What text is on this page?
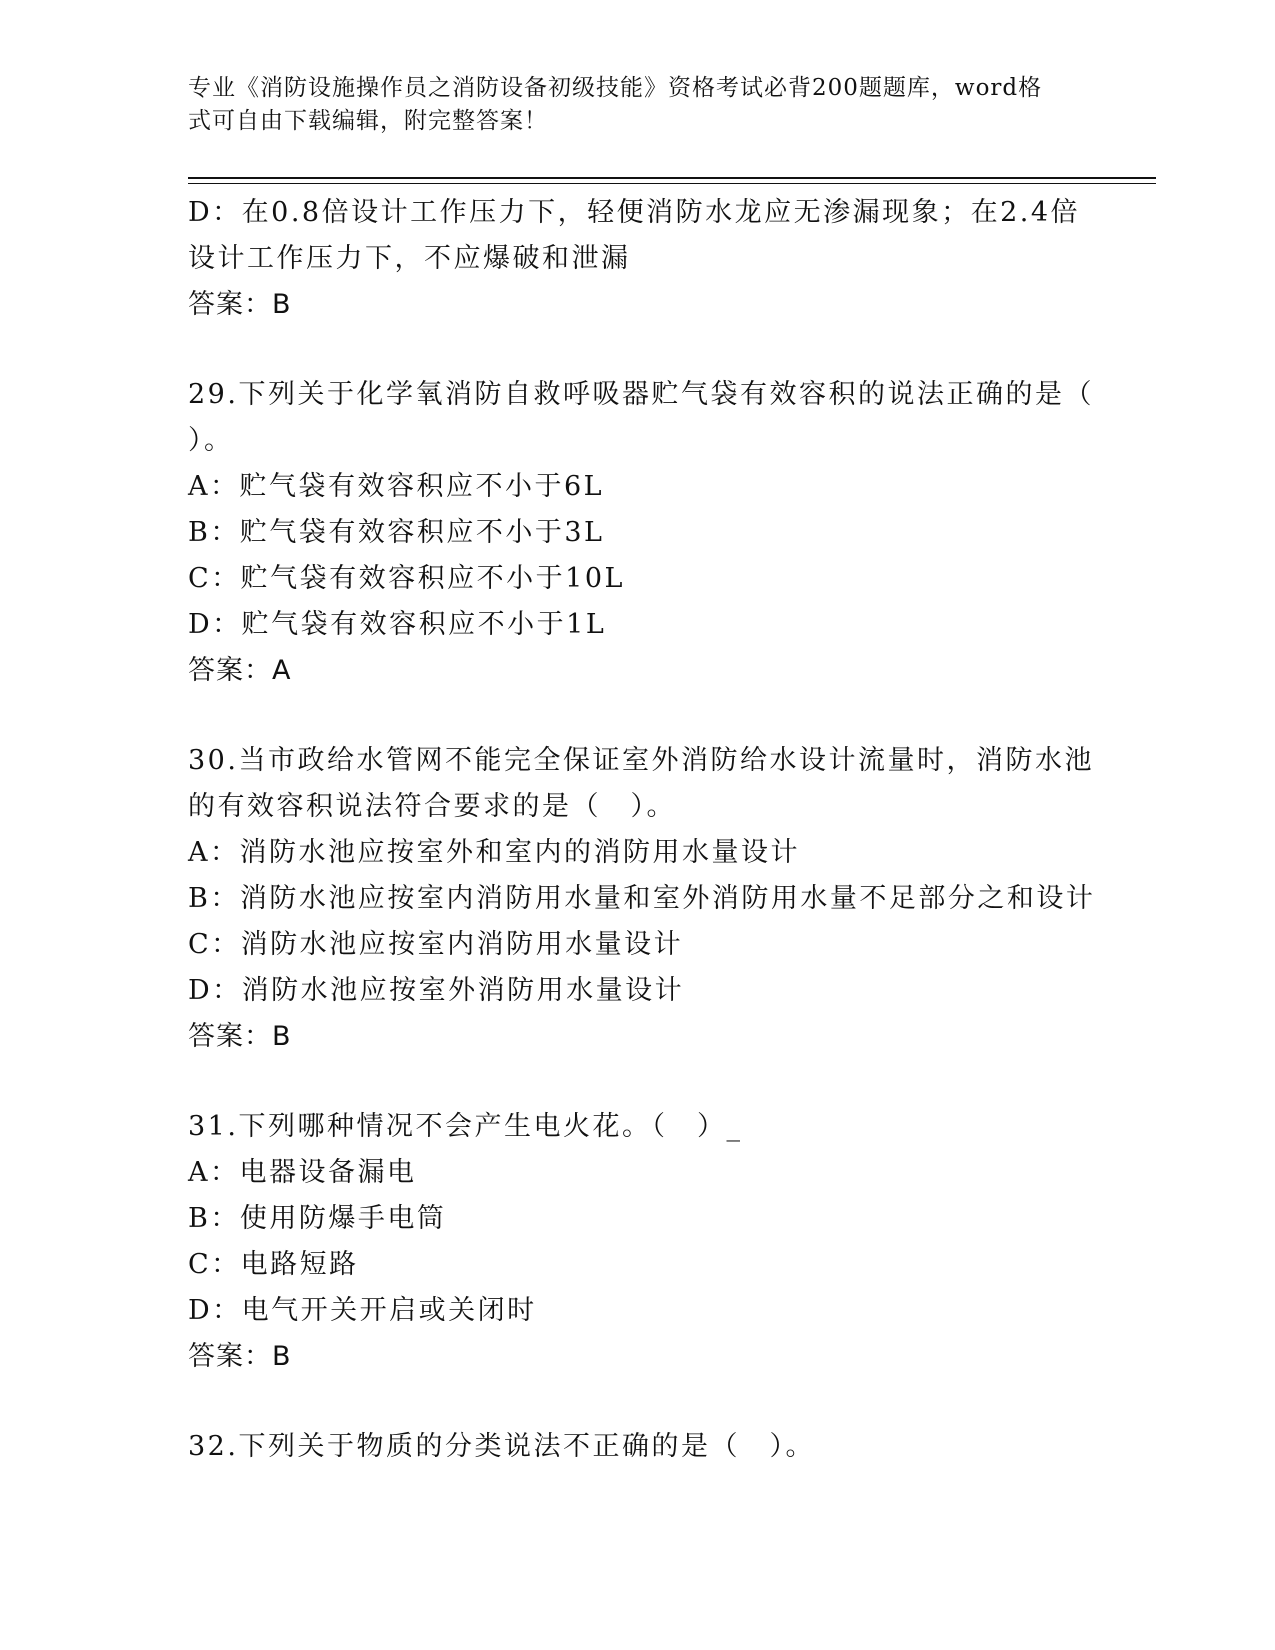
专业《消防设施操作员之消防设备初级技能》资格考试必背200题题库，word格
式可自由下载编辑，附完整答案！
D：在0.8倍设计工作压力下，轻便消防水龙应无渗漏现象；在2.4倍
设计工作压力下，不应爆破和泄漏
答案：B
29.下列关于化学氧消防自救呼吸器贮气袋有效容积的说法正确的是（
）。
A：贮气袋有效容积应不小于6L
B：贮气袋有效容积应不小于3L
C：贮气袋有效容积应不小于10L
D：贮气袋有效容积应不小于1L
答案：A
30.当市政给水管网不能完全保证室外消防给水设计流量时，消防水池
的有效容积说法符合要求的是（　）。
A：消防水池应按室外和室内的消防用水量设计
B：消防水池应按室内消防用水量和室外消防用水量不足部分之和设计
C：消防水池应按室内消防用水量设计
D：消防水池应按室外消防用水量设计
答案：B
31.下列哪种情况不会产生电火花。（　）_
A：电器设备漏电
B：使用防爆手电筒
C：电路短路
D：电气开关开启或关闭时
答案：B
32.下列关于物质的分类说法不正确的是（　）。
